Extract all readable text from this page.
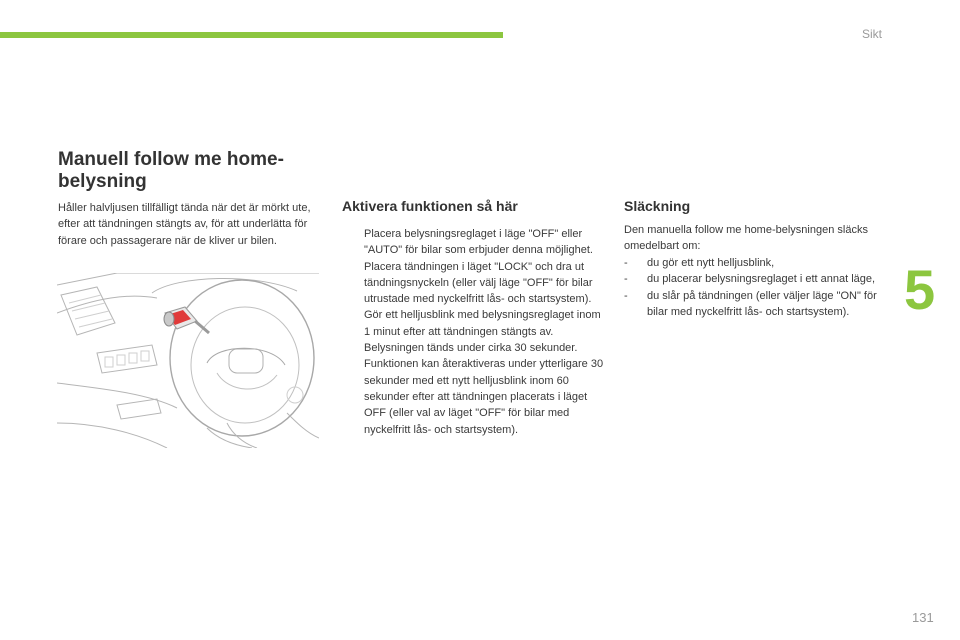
Sikt
5
131
Manuell follow me home-belysning

Håller halvljusen tillfälligt tända när det är mörkt ute, efter att tändningen stängts av, för att underlätta för förare och passagerare när de kliver ur bilen.

Aktivera funktionen så här
Placera belysningsreglaget i läge "OFF" eller "AUTO" för bilar som erbjuder denna möjlighet.
Placera tändningen i läget "LOCK" och dra ut tändningsnyckeln (eller välj läge "OFF" för bilar utrustade med nyckelfritt lås- och startsystem).
Gör ett helljusblink med belysningsreglaget inom 1 minut efter att tändningen stängts av. Belysningen tänds under cirka 30 sekunder.
Funktionen kan återaktiveras under ytterligare 30 sekunder med ett nytt helljusblink inom 60 sekunder efter att tändningen placerats i läget OFF (eller val av läget "OFF" för bilar med nyckelfritt lås- och startsystem).
Släckning

Den manuella follow me home-belysningen släcks omedelbart om:

- du gör ett nytt helljusblink,
- du placerar belysningsreglaget i ett annat läge,
- du slår på tändningen (eller väljer läge "ON" för bilar med nyckelfritt lås- och startsystem).
